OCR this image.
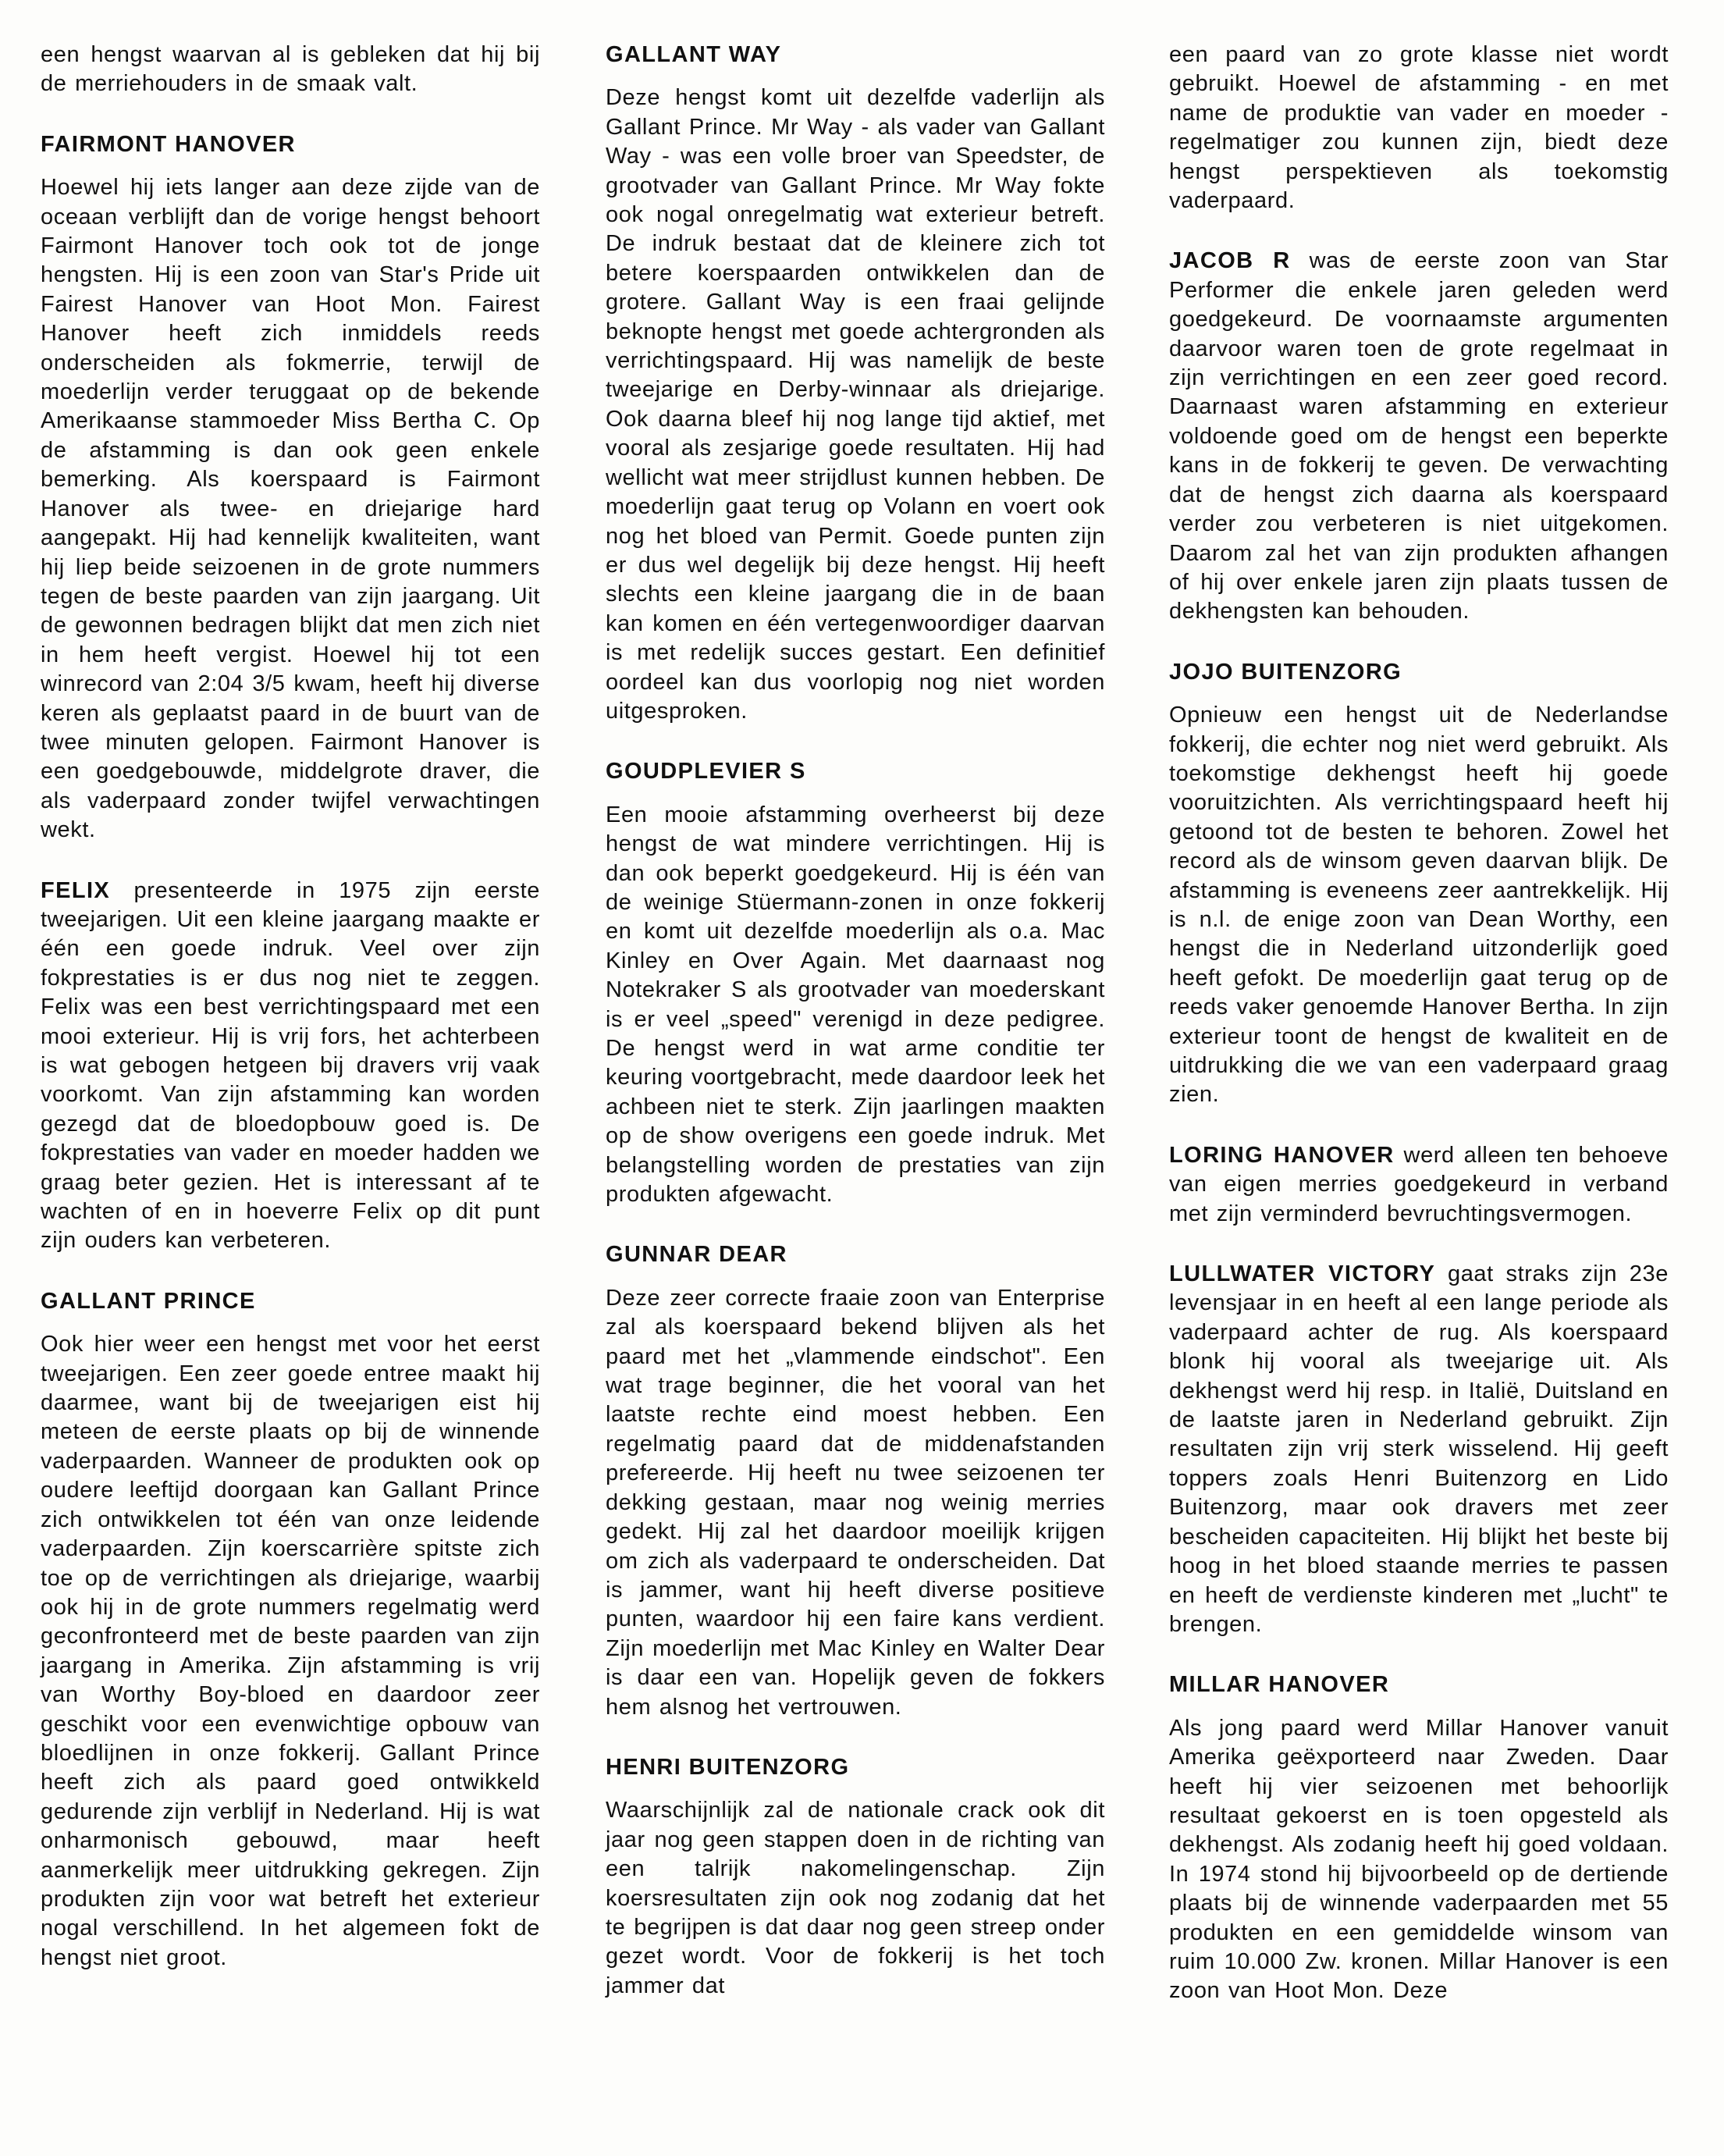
een hengst waarvan al is gebleken dat hij bij de merriehouders in de smaak valt.

FAIRMONT HANOVER

Hoewel hij iets langer aan deze zijde van de oceaan verblijft dan de vorige hengst behoort Fairmont Hanover toch ook tot de jonge hengsten. Hij is een zoon van Star's Pride uit Fairest Hanover van Hoot Mon. Fairest Hanover heeft zich inmiddels reeds onderscheiden als fokmerrie, terwijl de moederlijn verder teruggaat op de bekende Amerikaanse stammoeder Miss Bertha C. Op de afstamming is dan ook geen enkele bemerking. Als koerspaard is Fairmont Hanover als twee- en driejarige hard aangepakt. Hij had kennelijk kwaliteiten, want hij liep beide seizoenen in de grote nummers tegen de beste paarden van zijn jaargang. Uit de gewonnen bedragen blijkt dat men zich niet in hem heeft vergist. Hoewel hij tot een winrecord van 2:04 3/5 kwam, heeft hij diverse keren als geplaatst paard in de buurt van de twee minuten gelopen. Fairmont Hanover is een goedgebouwde, middelgrote draver, die als vaderpaard zonder twijfel verwachtingen wekt.

FELIX presenteerde in 1975 zijn eerste tweejarigen. Uit een kleine jaargang maakte er één een goede indruk. Veel over zijn fokprestaties is er dus nog niet te zeggen. Felix was een best verrichtingspaard met een mooi exterieur. Hij is vrij fors, het achterbeen is wat gebogen hetgeen bij dravers vrij vaak voorkomt. Van zijn afstamming kan worden gezegd dat de bloedopbouw goed is. De fokprestaties van vader en moeder hadden we graag beter gezien. Het is interessant af te wachten of en in hoeverre Felix op dit punt zijn ouders kan verbeteren.

GALLANT PRINCE

Ook hier weer een hengst met voor het eerst tweejarigen. Een zeer goede entree maakt hij daarmee, want bij de tweejarigen eist hij meteen de eerste plaats op bij de winnende vaderpaarden. Wanneer de produkten ook op oudere leeftijd doorgaan kan Gallant Prince zich ontwikkelen tot één van onze leidende vaderpaarden. Zijn koerscarrière spitste zich toe op de verrichtingen als driejarige, waarbij ook hij in de grote nummers regelmatig werd geconfronteerd met de beste paarden van zijn jaargang in Amerika. Zijn afstamming is vrij van Worthy Boy-bloed en daardoor zeer geschikt voor een evenwichtige opbouw van bloedlijnen in onze fokkerij. Gallant Prince heeft zich als paard goed ontwikkeld gedurende zijn verblijf in Nederland. Hij is wat onharmonisch gebouwd, maar heeft aanmerkelijk meer uitdrukking gekregen. Zijn produkten zijn voor wat betreft het exterieur nogal verschillend. In het algemeen fokt de hengst niet groot.

GALLANT WAY

Deze hengst komt uit dezelfde vaderlijn als Gallant Prince. Mr Way - als vader van Gallant Way - was een volle broer van Speedster, de grootvader van Gallant Prince. Mr Way fokte ook nogal onregelmatig wat exterieur betreft. De indruk bestaat dat de kleinere zich tot betere koerspaarden ontwikkelen dan de grotere. Gallant Way is een fraai gelijnde beknopte hengst met goede achtergronden als verrichtingspaard. Hij was namelijk de beste tweejarige en Derby-winnaar als driejarige. Ook daarna bleef hij nog lange tijd aktief, met vooral als zesjarige goede resultaten. Hij had wellicht wat meer strijdlust kunnen hebben. De moederlijn gaat terug op Volann en voert ook nog het bloed van Permit. Goede punten zijn er dus wel degelijk bij deze hengst. Hij heeft slechts een kleine jaargang die in de baan kan komen en één vertegenwoordiger daarvan is met redelijk succes gestart. Een definitief oordeel kan dus voorlopig nog niet worden uitgesproken.

GOUDPLEVIER S

Een mooie afstamming overheerst bij deze hengst de wat mindere verrichtingen. Hij is dan ook beperkt goedgekeurd. Hij is één van de weinige Stüermann-zonen in onze fokkerij en komt uit dezelfde moederlijn als o.a. Mac Kinley en Over Again. Met daarnaast nog Notekraker S als grootvader van moederskant is er veel „speed" verenigd in deze pedigree. De hengst werd in wat arme conditie ter keuring voortgebracht, mede daardoor leek het achbeen niet te sterk. Zijn jaarlingen maakten op de show overigens een goede indruk. Met belangstelling worden de prestaties van zijn produkten afgewacht.

GUNNAR DEAR

Deze zeer correcte fraaie zoon van Enterprise zal als koerspaard bekend blijven als het paard met het „vlammende eindschot". Een wat trage beginner, die het vooral van het laatste rechte eind moest hebben. Een regelmatig paard dat de middenafstanden prefereerde. Hij heeft nu twee seizoenen ter dekking gestaan, maar nog weinig merries gedekt. Hij zal het daardoor moeilijk krijgen om zich als vaderpaard te onderscheiden. Dat is jammer, want hij heeft diverse positieve punten, waardoor hij een faire kans verdient. Zijn moederlijn met Mac Kinley en Walter Dear is daar een van. Hopelijk geven de fokkers hem alsnog het vertrouwen.

HENRI BUITENZORG

Waarschijnlijk zal de nationale crack ook dit jaar nog geen stappen doen in de richting van een talrijk nakomelingenschap. Zijn koersresultaten zijn ook nog zodanig dat het te begrijpen is dat daar nog geen streep onder gezet wordt. Voor de fokkerij is het toch jammer dat

een paard van zo grote klasse niet wordt gebruikt. Hoewel de afstamming - en met name de produktie van vader en moeder - regelmatiger zou kunnen zijn, biedt deze hengst perspektieven als toekomstig vaderpaard.

JACOB R was de eerste zoon van Star Performer die enkele jaren geleden werd goedgekeurd. De voornaamste argumenten daarvoor waren toen de grote regelmaat in zijn verrichtingen en een zeer goed record. Daarnaast waren afstamming en exterieur voldoende goed om de hengst een beperkte kans in de fokkerij te geven. De verwachting dat de hengst zich daarna als koerspaard verder zou verbeteren is niet uitgekomen. Daarom zal het van zijn produkten afhangen of hij over enkele jaren zijn plaats tussen de dekhengsten kan behouden.

JOJO BUITENZORG

Opnieuw een hengst uit de Nederlandse fokkerij, die echter nog niet werd gebruikt. Als toekomstige dekhengst heeft hij goede vooruitzichten. Als verrichtingspaard heeft hij getoond tot de besten te behoren. Zowel het record als de winsom geven daarvan blijk. De afstamming is eveneens zeer aantrekkelijk. Hij is n.l. de enige zoon van Dean Worthy, een hengst die in Nederland uitzonderlijk goed heeft gefokt. De moederlijn gaat terug op de reeds vaker genoemde Hanover Bertha. In zijn exterieur toont de hengst de kwaliteit en de uitdrukking die we van een vaderpaard graag zien.

LORING HANOVER werd alleen ten behoeve van eigen merries goedgekeurd in verband met zijn verminderd bevruchtingsvermogen.

LULLWATER VICTORY gaat straks zijn 23e levensjaar in en heeft al een lange periode als vaderpaard achter de rug. Als koerspaard blonk hij vooral als tweejarige uit. Als dekhengst werd hij resp. in Italië, Duitsland en de laatste jaren in Nederland gebruikt. Zijn resultaten zijn vrij sterk wisselend. Hij geeft toppers zoals Henri Buitenzorg en Lido Buitenzorg, maar ook dravers met zeer bescheiden capaciteiten. Hij blijkt het beste bij hoog in het bloed staande merries te passen en heeft de verdienste kinderen met „lucht" te brengen.

MILLAR HANOVER

Als jong paard werd Millar Hanover vanuit Amerika geëxporteerd naar Zweden. Daar heeft hij vier seizoenen met behoorlijk resultaat gekoerst en is toen opgesteld als dekhengst. Als zodanig heeft hij goed voldaan. In 1974 stond hij bijvoorbeeld op de dertiende plaats bij de winnende vaderpaarden met 55 produkten en een gemiddelde winsom van ruim 10.000 Zw. kronen. Millar Hanover is een zoon van Hoot Mon. Deze
